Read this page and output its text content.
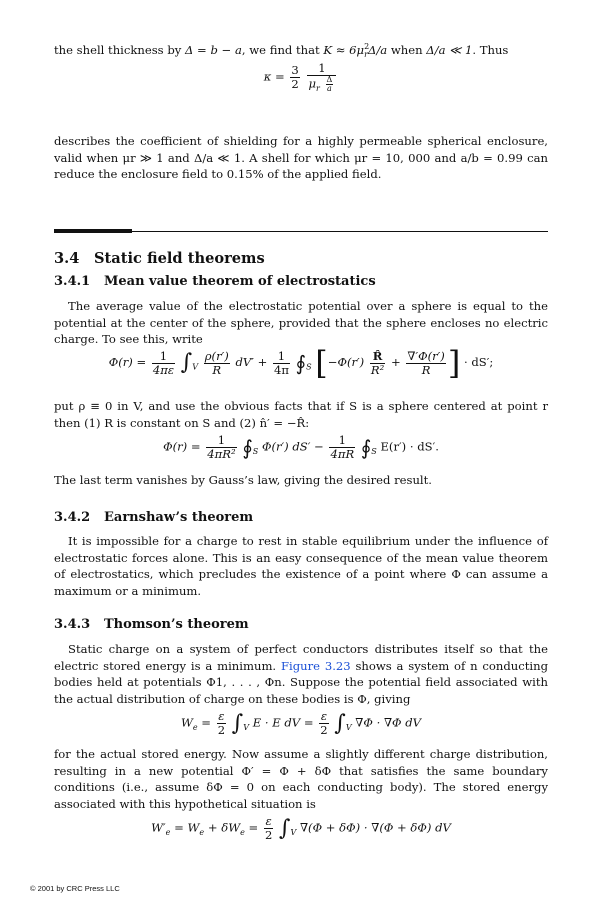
the shell thickness by Δ = b − a, we find that $K \approx 6\mu^2_r\Delta/a$ when Δ/a ≪ 1. Thus

$\kappa = \frac{3}{2}$
$\frac{1}{\mu_r \frac{\Delta}{a}}$

describes the coefficient of shielding for a highly permeable spherical enclosure, valid when μr ≫ 1 and Δ/a ≪ 1. A shell for which μr = 10, 000 and a/b = 0.99 can reduce the enclosure field to 0.15% of the applied field.

3.4 Static field theorems
3.4.1 Mean value theorem of electrostatics

The average value of the electrostatic potential over a sphere is equal to the potential at the center of the sphere, provided that the sphere encloses no electric charge. To see this, write

$\Phi(r) = \frac{1}{4\pi\varepsilon} \int_V \frac{\rho(r')}{R} dV' + \frac{1}{4\pi}$ $∮_S$ [$-\Phi(r') \frac{R̂}{\text{R²}} + \frac{\nabla'\Phi(r')}{R}$ ] · dS′;

put ρ ≡ 0 in V, and use the obvious facts that if S is a sphere centered at point r then (1) R is constant on S and (2) n̂′ = −R̂:

$\Phi(r) = \frac{1}{\text{4πR²}}$ $∮_S$ Φ(r′) $dS' - \frac{1}{4\pi R}$ $∮_S$ E(r′) · dS′.

The last term vanishes by Gauss’s law, giving the desired result.

3.4.2 Earnshaw’s theorem

It is impossible for a charge to rest in stable equilibrium under the influence of electrostatic forces alone. This is an easy consequence of the mean value theorem of electrostatics, which precludes the existence of a point where Φ can assume a maximum or a minimum.

3.4.3 Thomson’s theorem

Static charge on a system of perfect conductors distributes itself so that the electric stored energy is a minimum. Figure 3.23 shows a system of n conducting bodies held at potentials Φ1, . . . , Φn. Suppose the potential field associated with the actual distribution of charge on these bodies is Φ, giving

$W_e = \frac{\varepsilon}{2} \int_V$ E · E dV = $\frac{\varepsilon}{2} \int_V$ ∇Φ · ∇Φ dV

for the actual stored energy. Now assume a slightly different charge distribution, resulting in a new potential Φ′ = Φ + δΦ that satisfies the same boundary conditions (i.e., assume δΦ = 0 on each conducting body). The stored energy associated with this hypothetical situation is

$W'_e = W_e + \delta W_e = \frac{\varepsilon}{2} \int_V$ ∇(Φ + δΦ) · ∇(Φ + δΦ) dV
© 2001 by CRC Press LLC
